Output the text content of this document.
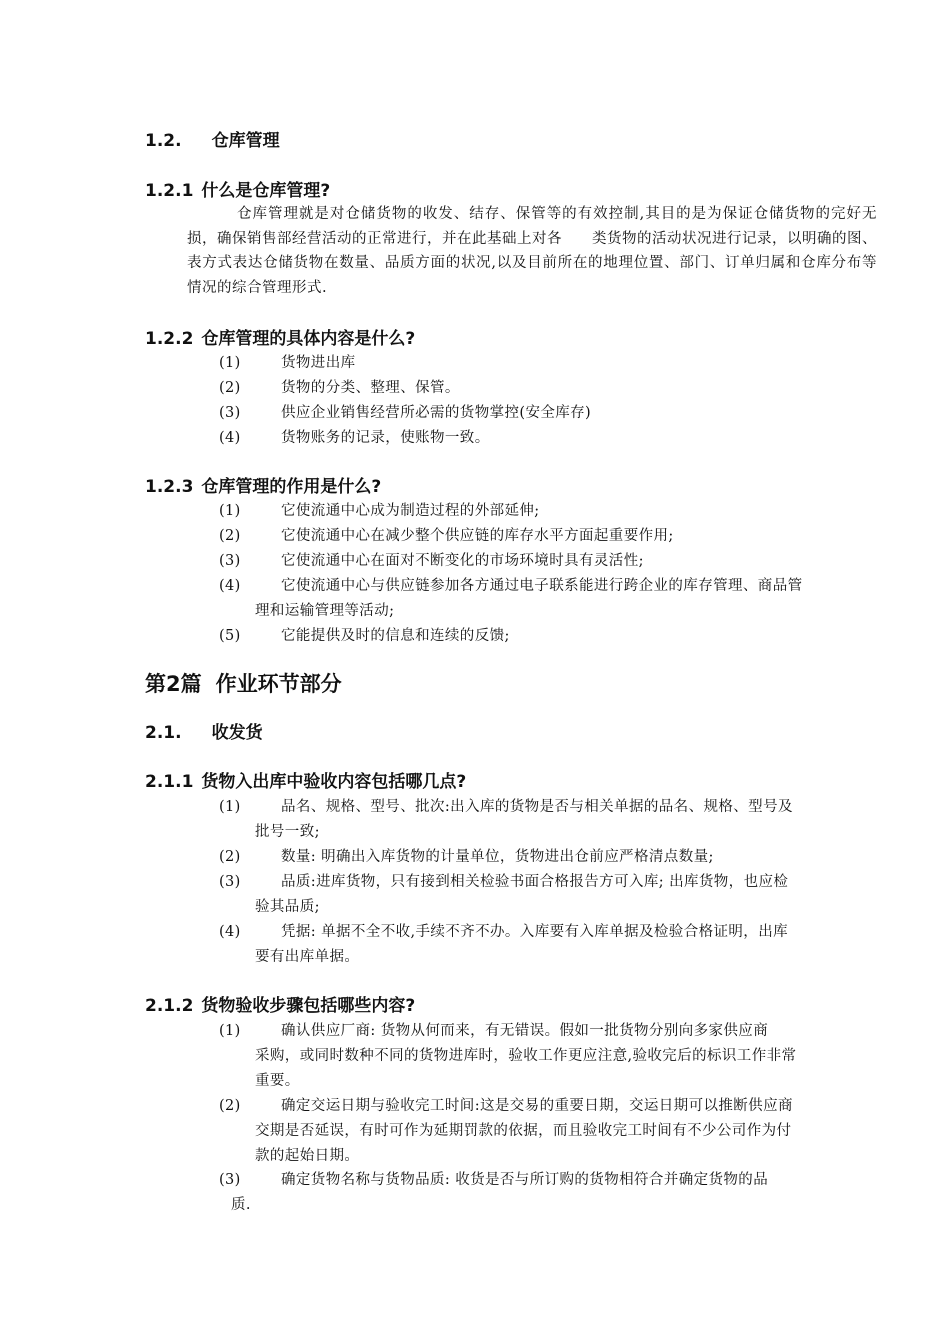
1.2. 仓库管理
1.2.1 什么是仓库管理?
仓库管理就是对仓储货物的收发、结存、保管等的有效控制,其目的是为保证仓储货物的完好无损，确保销售部经营活动的正常进行，并在此基础上对各　　类货物的活动状况进行记录，以明确的图、表方式表达仓储货物在数量、品质方面的状况,以及目前所在的地理位置、部门、订单归属和仓库分布等情况的综合管理形式.
1.2.2 仓库管理的具体内容是什么?
(1)	货物进出库
(2)	货物的分类、整理、保管。
(3)	供应企业销售经营所必需的货物掌控(安全库存)
(4)	货物账务的记录，使账物一致。
1.2.3 仓库管理的作用是什么?
(1)	它使流通中心成为制造过程的外部延伸;
(2)	它使流通中心在减少整个供应链的库存水平方面起重要作用;
(3)	它使流通中心在面对不断变化的市场环境时具有灵活性;
(4)	它使流通中心与供应链参加各方通过电子联系能进行跨企业的库存管理、商品管
理和运输管理等活动;
(5)	它能提供及时的信息和连续的反馈;
第2篇 作业环节部分
2.1. 收发货
2.1.1 货物入出库中验收内容包括哪几点?
(1)	品名、规格、型号、批次:出入库的货物是否与相关单据的品名、规格、型号及
批号一致;
(2)	数量: 明确出入库货物的计量单位，货物进出仓前应严格清点数量;
(3)	品质:进库货物，只有接到相关检验书面合格报告方可入库; 出库货物，也应检
验其品质;
(4)	凭据: 单据不全不收,手续不齐不办。入库要有入库单据及检验合格证明，出库
要有出库单据。
2.1.2 货物验收步骤包括哪些内容?
(1)	确认供应厂商: 货物从何而来，有无错误。假如一批货物分别向多家供应商
采购，或同时数种不同的货物进库时，验收工作更应注意,验收完后的标识工作非常
重要。
(2)	确定交运日期与验收完工时间:这是交易的重要日期，交运日期可以推断供应商
交期是否延误，有时可作为延期罚款的依据，而且验收完工时间有不少公司作为付
款的起始日期。
(3)	确定货物名称与货物品质: 收货是否与所订购的货物相符合并确定货物的品
质.
